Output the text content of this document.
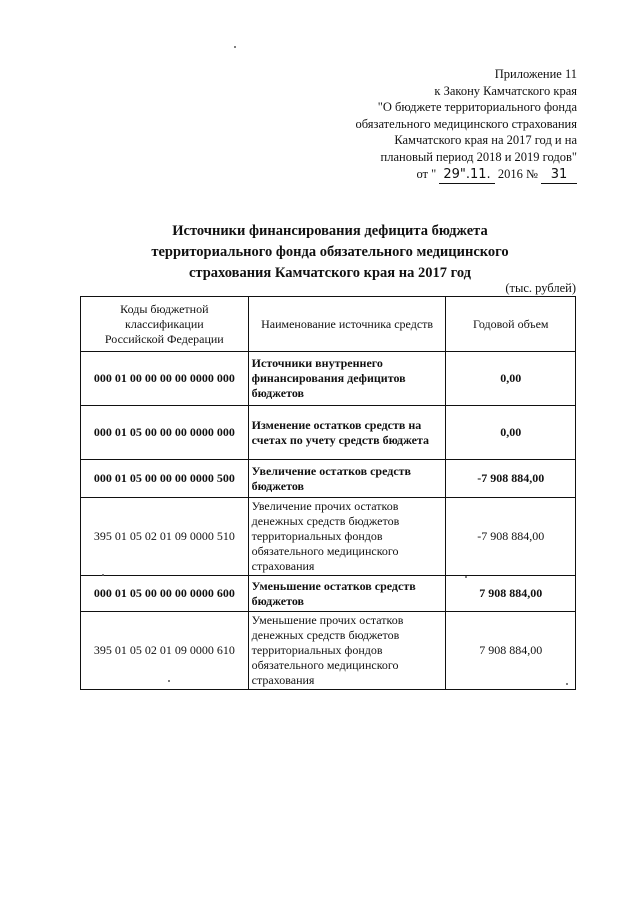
Приложение 11
к Закону Камчатского края
"О бюджете территориального фонда
обязательного медицинского страхования
Камчатского края на 2017 год и на
плановый период 2018 и 2019 годов"
от " 29".11. 2016 № 31
Источники финансирования дефицита бюджета
территориального фонда обязательного медицинского
страхования Камчатского края на 2017 год
(тыс. рублей)
Коды бюджетной
классификации
Российской Федерации	Наименование источника средств	Годовой объем
000 01 00 00 00 00 0000 000	Источники внутреннего финансирования дефицитов бюджетов	0,00
000 01 05 00 00 00 0000 000	Изменение остатков средств на счетах по учету средств бюджета	0,00
000 01 05 00 00 00 0000 500	Увеличение остатков средств бюджетов	-7 908 884,00
395 01 05 02 01 09 0000 510	Увеличение прочих остатков денежных средств бюджетов территориальных фондов обязательного медицинского страхования	-7 908 884,00
000 01 05 00 00 00 0000 600	Уменьшение остатков средств бюджетов	7 908 884,00
395 01 05 02 01 09 0000 610	Уменьшение прочих остатков денежных средств бюджетов территориальных фондов обязательного медицинского страхования	7 908 884,00
